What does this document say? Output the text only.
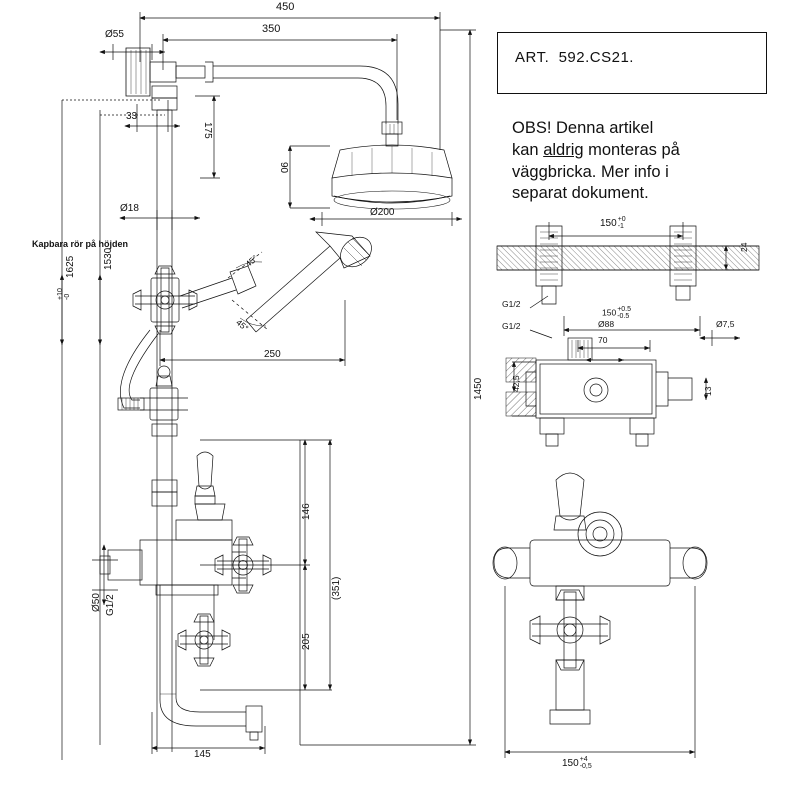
ART.  592.CS21.
OBS! Denna artikel
kan aldrig monteras på
väggbricka. Mer info i
separat dokument.
450
350
Ø55
33
175
90
Ø200
Ø18
Kapbara rör på höjden
1530
1625
+10
-0
250
45°
45°
1450
146
(351)
205
145
Ø50 G1/2
150+0
-1
24
G1/2
G1/2
150+0.5
-0.5
Ø88
70
Ø7,5
42,5	13
150+4
-0,5
